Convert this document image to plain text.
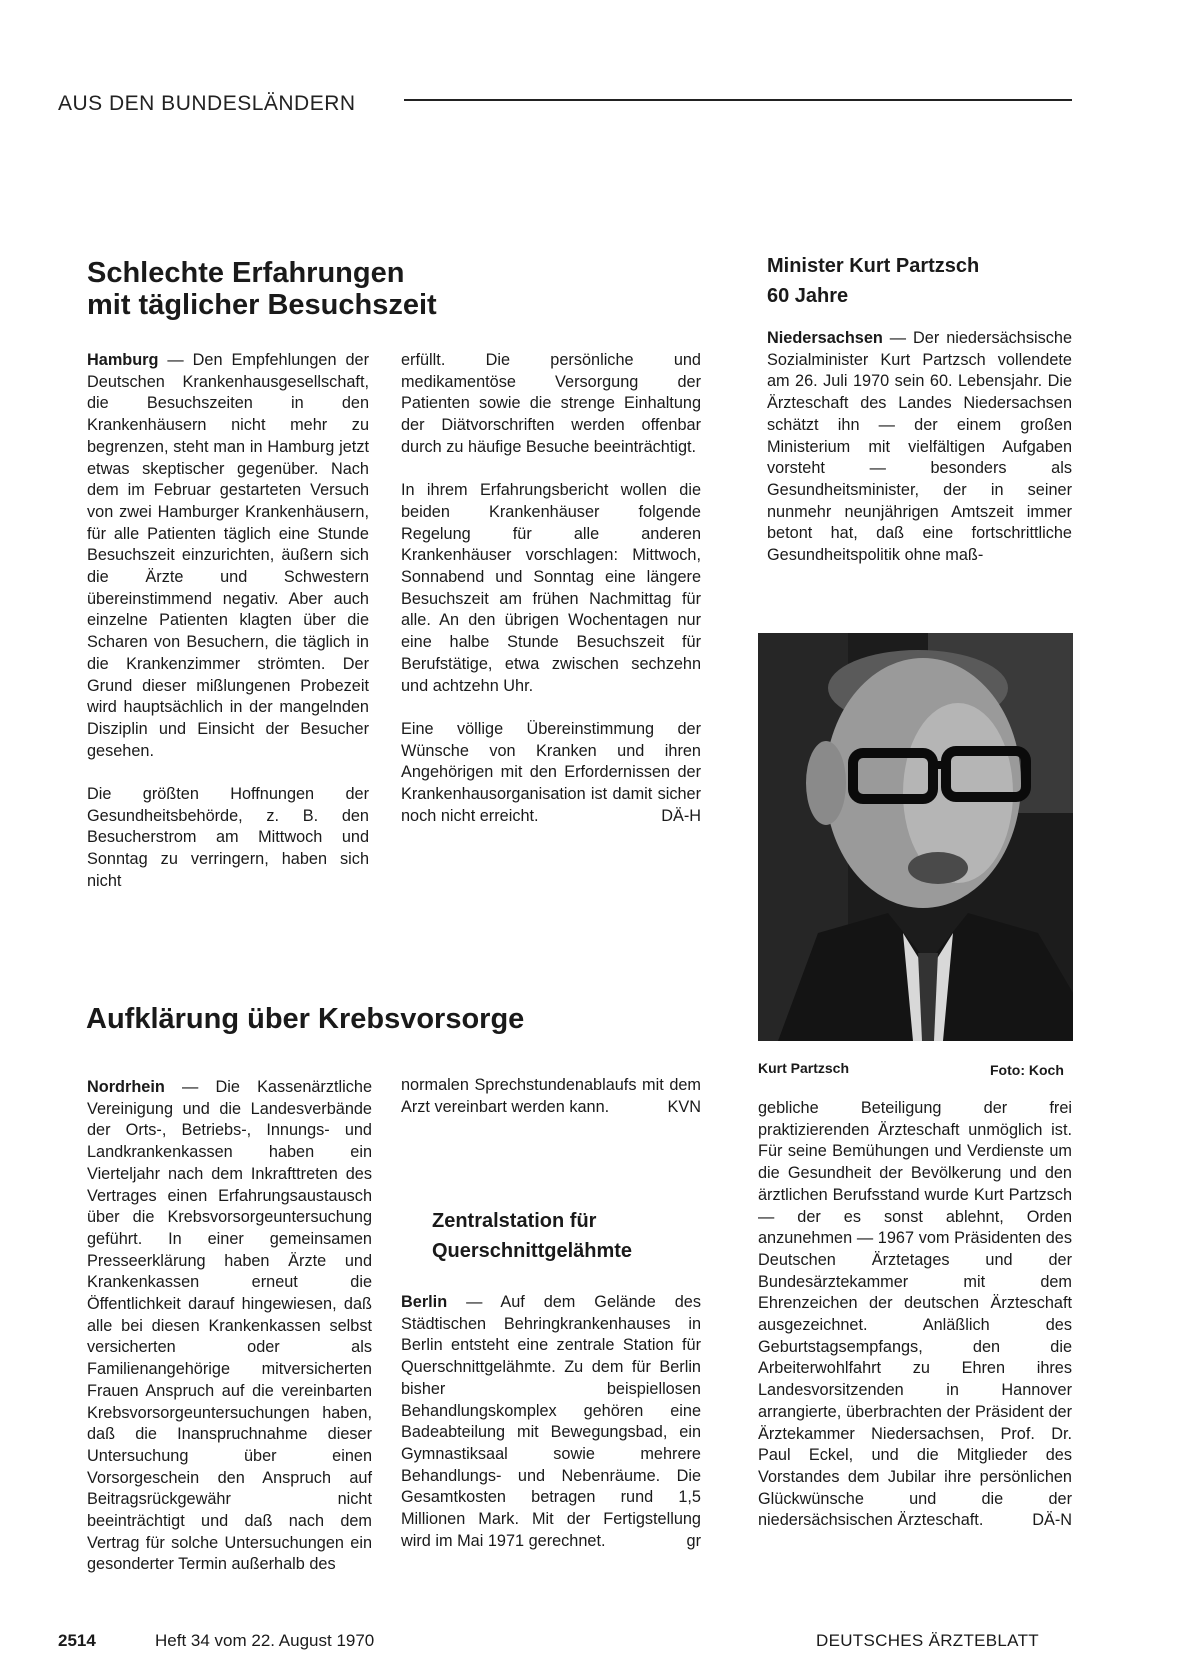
AUS DEN BUNDESLÄNDERN
Schlechte Erfahrungen
mit täglicher Besuchszeit

Hamburg — Den Empfehlungen der Deutschen Krankenhausgesellschaft, die Besuchszeiten in den Krankenhäusern nicht mehr zu begrenzen, steht man in Hamburg jetzt etwas skeptischer gegenüber. Nach dem im Februar gestarteten Versuch von zwei Hamburger Krankenhäusern, für alle Patienten täglich eine Stunde Besuchszeit einzurichten, äußern sich die Ärzte und Schwestern übereinstimmend negativ. Aber auch einzelne Patienten klagten über die Scharen von Besuchern, die täglich in die Krankenzimmer strömten. Der Grund dieser mißlungenen Probezeit wird hauptsächlich in der mangelnden Disziplin und Einsicht der Besucher gesehen.

Die größten Hoffnungen der Gesundheitsbehörde, z. B. den Besucherstrom am Mittwoch und Sonntag zu verringern, haben sich nicht

erfüllt. Die persönliche und medikamentöse Versorgung der Patienten sowie die strenge Einhaltung der Diätvorschriften werden offenbar durch zu häufige Besuche beeinträchtigt.

In ihrem Erfahrungsbericht wollen die beiden Krankenhäuser folgende Regelung für alle anderen Krankenhäuser vorschlagen: Mittwoch, Sonnabend und Sonntag eine längere Besuchszeit am frühen Nachmittag für alle. An den übrigen Wochentagen nur eine halbe Stunde Besuchszeit für Berufstätige, etwa zwischen sechzehn und achtzehn Uhr.

Eine völlige Übereinstimmung der Wünsche von Kranken und ihren Angehörigen mit den Erfordernissen der Krankenhausorganisation ist damit sicher noch nicht erreicht.	DÄ-H

Minister Kurt Partzsch
60 Jahre

Niedersachsen — Der niedersächsische Sozialminister Kurt Partzsch vollendete am 26. Juli 1970 sein 60. Lebensjahr. Die Ärzteschaft des Landes Niedersachsen schätzt ihn — der einem großen Ministerium mit vielfältigen Aufgaben vorsteht — besonders als Gesundheitsminister, der in seiner nunmehr neunjährigen Amtszeit immer betont hat, daß eine fortschrittliche Gesundheitspolitik ohne maß-

Kurt Partzsch	Foto: Koch

gebliche Beteiligung der frei praktizierenden Ärzteschaft unmöglich ist. Für seine Bemühungen und Verdienste um die Gesundheit der Bevölkerung und den ärztlichen Berufsstand wurde Kurt Partzsch — der es sonst ablehnt, Orden anzunehmen — 1967 vom Präsidenten des Deutschen Ärztetages und der Bundesärztekammer mit dem Ehrenzeichen der deutschen Ärzteschaft ausgezeichnet. Anläßlich des Geburtstagsempfangs, den die Arbeiterwohlfahrt zu Ehren ihres Landesvorsitzenden in Hannover arrangierte, überbrachten der Präsident der Ärztekammer Niedersachsen, Prof. Dr. Paul Eckel, und die Mitglieder des Vorstandes dem Jubilar ihre persönlichen Glückwünsche und die der niedersächsischen Ärzteschaft.	DÄ-N

Aufklärung über Krebsvorsorge

Nordrhein — Die Kassenärztliche Vereinigung und die Landesverbände der Orts-, Betriebs-, Innungs- und Landkrankenkassen haben ein Vierteljahr nach dem Inkrafttreten des Vertrages einen Erfahrungsaustausch über die Krebsvorsorgeuntersuchung geführt. In einer gemeinsamen Presseerklärung haben Ärzte und Krankenkassen erneut die Öffentlichkeit darauf hingewiesen, daß alle bei diesen Krankenkassen selbst versicherten oder als Familienangehörige mitversicherten Frauen Anspruch auf die vereinbarten Krebsvorsorgeuntersuchungen haben, daß die Inanspruchnahme dieser Untersuchung über einen Vorsorgeschein den Anspruch auf Beitragsrückgewähr nicht beeinträchtigt und daß nach dem Vertrag für solche Untersuchungen ein gesonderter Termin außerhalb des

normalen Sprechstundenablaufs mit dem Arzt vereinbart werden kann.	KVN

Zentralstation für
Querschnittgelähmte

Berlin — Auf dem Gelände des Städtischen Behringkrankenhauses in Berlin entsteht eine zentrale Station für Querschnittgelähmte. Zu dem für Berlin bisher beispiellosen Behandlungskomplex gehören eine Badeabteilung mit Bewegungsbad, ein Gymnastiksaal sowie mehrere Behandlungs- und Nebenräume. Die Gesamtkosten betragen rund 1,5 Millionen Mark. Mit der Fertigstellung wird im Mai 1971 gerechnet.	gr

2514	Heft 34 vom 22. August 1970	DEUTSCHES ÄRZTEBLATT
